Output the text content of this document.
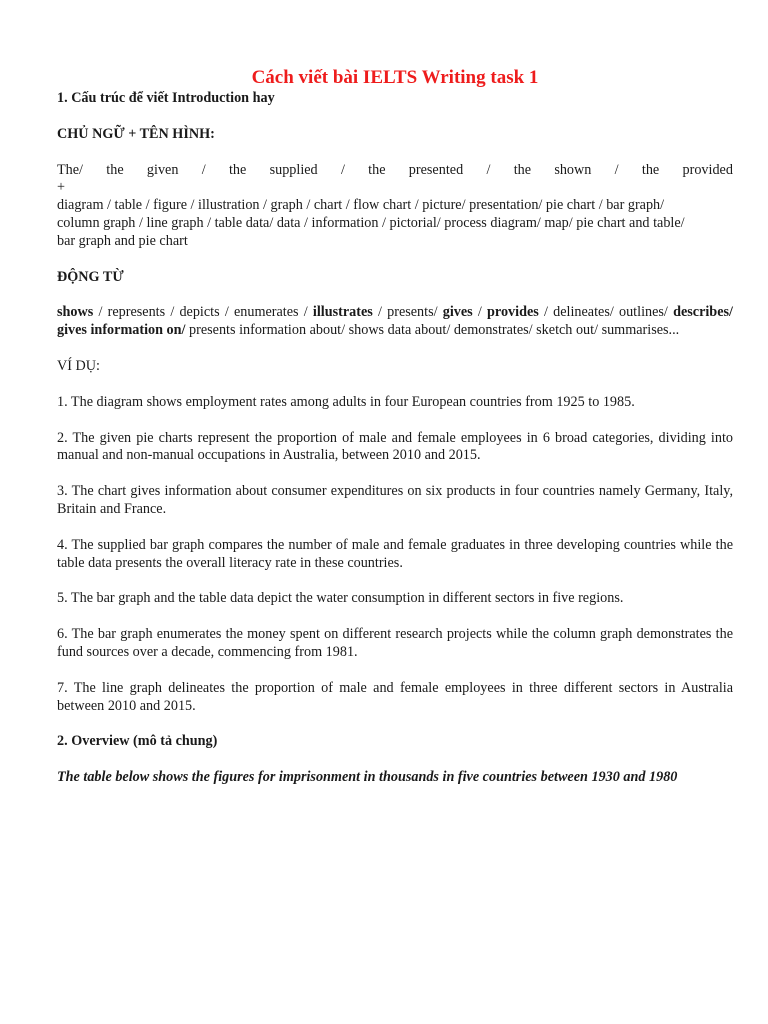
Cách viết bài IELTS Writing task 1
1. Cấu trúc để viết Introduction hay
CHỦ NGỮ + TÊN HÌNH:
The/ the given / the supplied / the presented / the shown / the provided
+
diagram / table / figure / illustration / graph / chart / flow chart / picture/ presentation/ pie chart / bar graph/
column graph / line graph / table data/ data / information / pictorial/ process diagram/ map/ pie chart and table/
bar graph and pie chart
ĐỘNG TỪ
shows / represents / depicts / enumerates / illustrates / presents/ gives / provides / delineates/ outlines/ describes/ gives information on/ presents information about/ shows data about/ demonstrates/ sketch out/ summarises...
VÍ DỤ:
1. The diagram shows employment rates among adults in four European countries from 1925 to 1985.
2. The given pie charts represent the proportion of male and female employees in 6 broad categories, dividing into manual and non-manual occupations in Australia, between 2010 and 2015.
3. The chart gives information about consumer expenditures on six products in four countries namely Germany, Italy, Britain and France.
4. The supplied bar graph compares the number of male and female graduates in three developing countries while the table data presents the overall literacy rate in these countries.
5. The bar graph and the table data depict the water consumption in different sectors in five regions.
6. The bar graph enumerates the money spent on different research projects while the column graph demonstrates the fund sources over a decade, commencing from 1981.
7. The line graph delineates the proportion of male and female employees in three different sectors in Australia between 2010 and 2015.
2. Overview (mô tả chung)
The table below shows the figures for imprisonment in thousands in five countries between 1930 and 1980
